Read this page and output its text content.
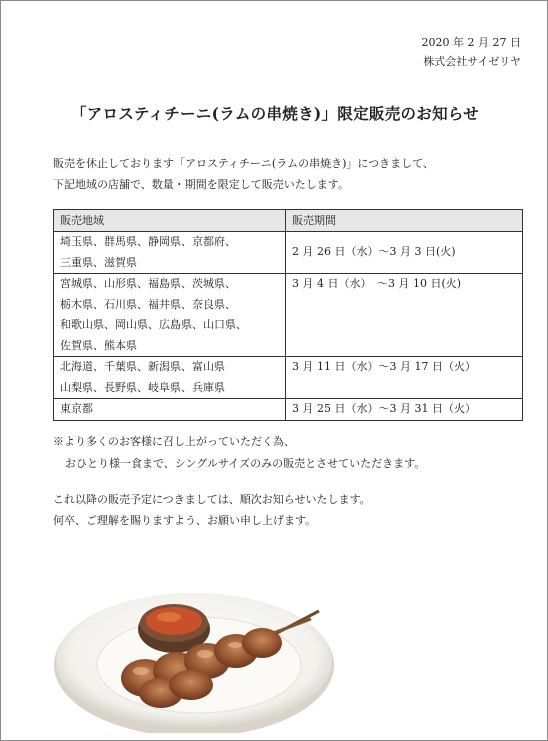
2020 年 2 月 27 日
株式会社サイゼリヤ
「アロスティチーニ(ラムの串焼き)」限定販売のお知らせ
販売を休止しております「アロスティチーニ(ラムの串焼き)」につきまして、
下記地域の店舗で、数量・期間を限定して販売いたします。
販売地域	販売期間

埼玉県、群馬県、静岡県、京都府、
三重県、滋賀県	2 月 26 日（水）～3 月 3 日(火)

宮城県、山形県、福島県、茨城県、
栃木県、石川県、福井県、奈良県、
和歌山県、岡山県、広島県、山口県、
佐賀県、熊本県	3 月 4 日（水）　～3 月 10 日(火)

北海道、千葉県、新潟県、富山県
山梨県、長野県、岐阜県、兵庫県	3 月 11 日（水）～3 月 17 日（火）

東京都	3 月 25 日（水）～3 月 31 日（火）
※より多くのお客様に召し上がっていただく為、
おひとり様一食まで、シングルサイズのみの販売とさせていただきます。
これ以降の販売予定につきましては、順次お知らせいたします。
何卒、ご理解を賜りますよう、お願い申し上げます。
